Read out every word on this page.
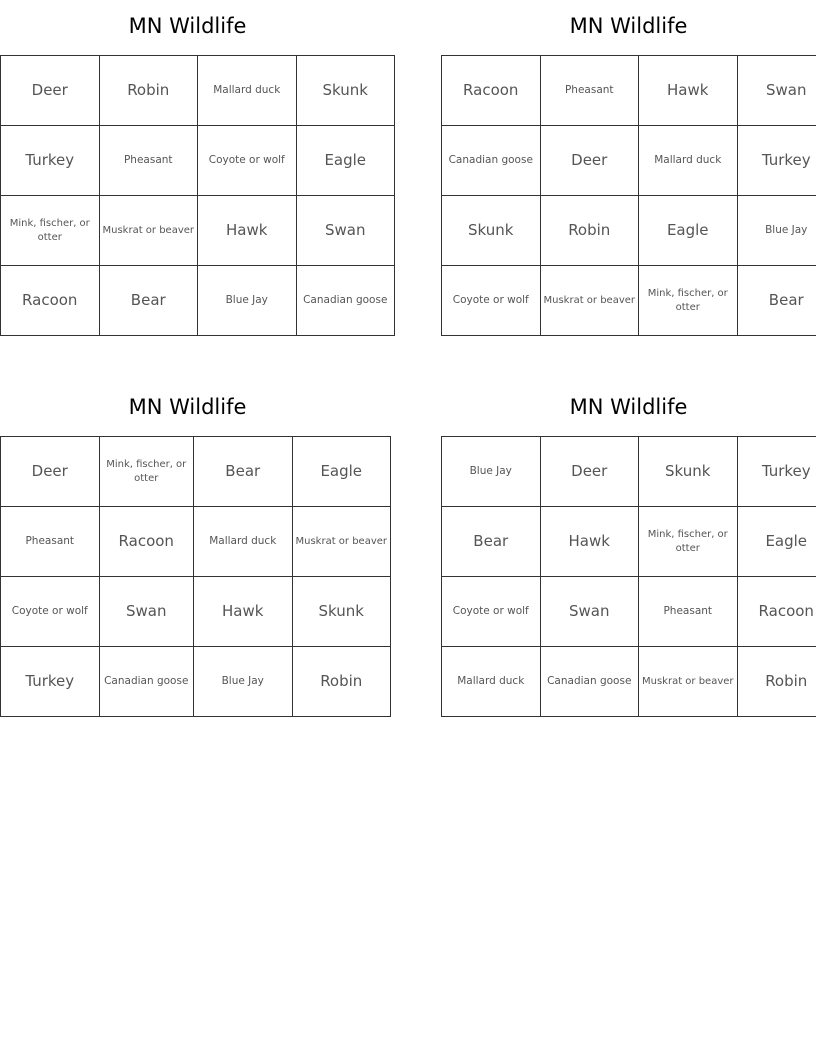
MN Wildlife
Deer	Robin	Mallard duck	Skunk
Turkey	Pheasant	Coyote or wolf	Eagle
Mink, fischer, or otter	Muskrat or beaver	Hawk	Swan
Racoon	Bear	Blue Jay	Canadian goose
MN Wildlife
Racoon	Pheasant	Hawk	Swan
Canadian goose	Deer	Mallard duck	Turkey
Skunk	Robin	Eagle	Blue Jay
Coyote or wolf	Muskrat or beaver	Mink, fischer, or otter	Bear
MN Wildlife
Deer	Mink, fischer, or otter	Bear	Eagle
Pheasant	Racoon	Mallard duck	Muskrat or beaver
Coyote or wolf	Swan	Hawk	Skunk
Turkey	Canadian goose	Blue Jay	Robin
MN Wildlife
Blue Jay	Deer	Skunk	Turkey
Bear	Hawk	Mink, fischer, or otter	Eagle
Coyote or wolf	Swan	Pheasant	Racoon
Mallard duck	Canadian goose	Muskrat or beaver	Robin
